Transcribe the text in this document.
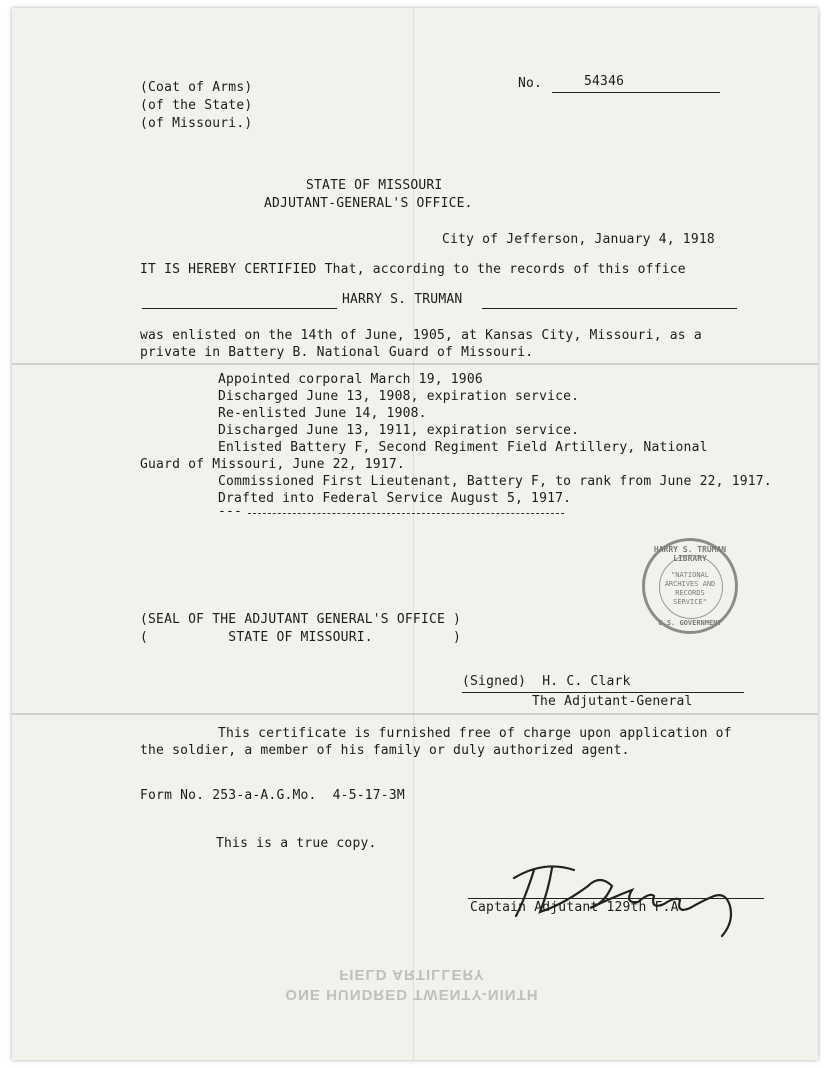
(Coat of Arms)
(of the State)
(of Missouri.)
No.	54346
STATE OF MISSOURI
ADJUTANT-GENERAL'S OFFICE.
City of Jefferson, January 4, 1918
IT IS HEREBY CERTIFIED That, according to the records of this office
HARRY S. TRUMAN
was enlisted on the 14th of June, 1905, at Kansas City, Missouri, as a
private in Battery B. National Guard of Missouri.
Appointed corporal March 19, 1906
Discharged June 13, 1908, expiration service.
Re-enlisted June 14, 1908.
Discharged June 13, 1911, expiration service.
Enlisted Battery F, Second Regiment Field Artillery, National
Guard of Missouri, June 22, 1917.
Commissioned First Lieutenant, Battery F, to rank from June 22, 1917.
Drafted into Federal Service August 5, 1917.
---
HARRY S. TRUMAN LIBRARY
"NATIONAL ARCHIVES AND RECORDS SERVICE"
U.S. GOVERNMENT
(SEAL OF THE ADJUTANT GENERAL'S OFFICE )
(          STATE OF MISSOURI.          )
(Signed)  H. C. Clark
The Adjutant-General
This certificate is furnished free of charge upon application of
the soldier, a member of his family or duly authorized agent.
Form No. 253-a-A.G.Mo.  4-5-17-3M
This is a true copy.
Captain Adjutant 129th F.A.
FIELD ARTILLERY
ONE HUNDRED TWENTY-NINTH
